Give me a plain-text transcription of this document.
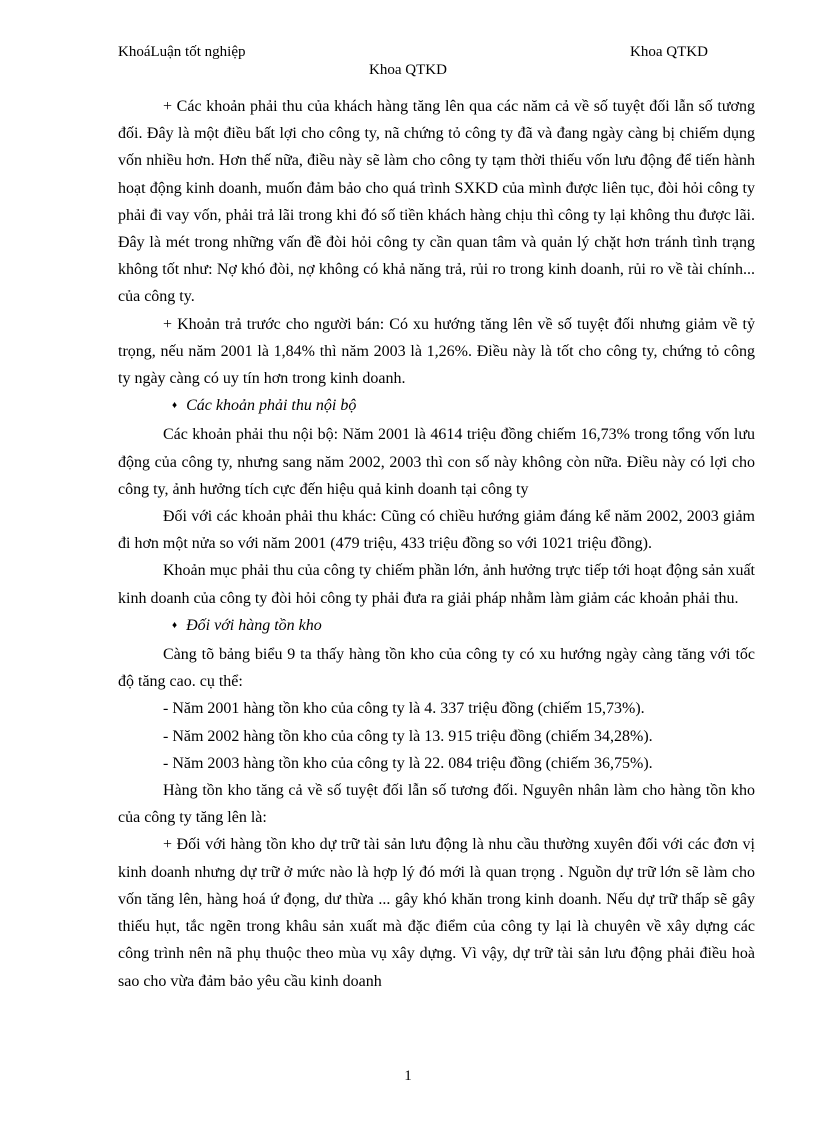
KhoáLuận tốt nghiệp	Khoa QTKD
Khoa QTKD

+ Các khoản phải thu của khách hàng tăng lên qua các năm cả về số tuyệt đối lẫn số tương đối. Đây là một điều bất lợi cho công ty, nã chứng tỏ công ty đã và đang ngày càng bị chiếm dụng vốn nhiều hơn. Hơn thế nữa, điều này sẽ làm cho công ty tạm thời thiếu vốn lưu động để tiến hành hoạt động kinh doanh, muốn đảm bảo cho quá trình SXKD của mình được liên tục, đòi hỏi công ty phải đi vay vốn, phải trả lãi trong khi đó số tiền khách hàng chịu thì công ty lại không thu được lãi. Đây là mét trong những vấn đề đòi hỏi công ty cần quan tâm và quản lý chặt hơn tránh tình trạng không tốt như: Nợ khó đòi, nợ không có khả năng trả, rủi ro trong kinh doanh, rủi ro về tài chính... của công ty.

+ Khoản trả trước cho người bán: Có xu hướng tăng lên về số tuyệt đối nhưng giảm về tỷ trọng, nếu năm 2001 là 1,84% thì năm 2003 là 1,26%. Điều này là tốt cho công ty, chứng tỏ công ty ngày càng có uy tín hơn trong kinh doanh.

♦ Các khoản phải thu nội bộ

Các khoản phải thu nội bộ: Năm 2001 là 4614 triệu đồng chiếm 16,73% trong tổng vốn lưu động của công ty, nhưng sang năm 2002, 2003 thì con số này không còn nữa. Điều này có lợi cho công ty, ảnh hưởng tích cực đến hiệu quả kinh doanh tại công ty

Đối với các khoản phải thu khác: Cũng có chiều hướng giảm đáng kể năm 2002, 2003 giảm đi hơn một nửa so với năm 2001 (479 triệu, 433 triệu đồng so với 1021 triệu đồng).

Khoản mục phải thu của công ty chiếm phần lớn, ảnh hưởng trực tiếp tới hoạt động sản xuất kinh doanh của công ty đòi hỏi công ty phải đưa ra giải pháp nhằm làm giảm các khoản phải thu.

♦ Đối với hàng tồn kho

Càng tõ bảng biểu 9 ta thấy hàng tồn kho của công ty có xu hướng ngày càng tăng với tốc độ tăng cao. cụ thể:

- Năm 2001 hàng tồn kho của công ty là 4. 337 triệu đồng (chiếm 15,73%).

- Năm 2002 hàng tồn kho của công ty là 13. 915 triệu đồng (chiếm 34,28%).

- Năm 2003 hàng tồn kho của công ty là 22. 084 triệu đồng (chiếm 36,75%).

Hàng tồn kho tăng cả về số tuyệt đối lẫn số tương đối. Nguyên nhân làm cho hàng tồn kho của công ty tăng lên là:

+ Đối với hàng tồn kho dự trữ tài sản lưu động là nhu cầu thường xuyên đối với các đơn vị kinh doanh nhưng dự trữ ở mức nào là hợp lý đó mới là quan trọng . Nguồn dự trữ lớn sẽ làm cho vốn tăng lên, hàng hoá ứ đọng, dư thừa ... gây khó khăn trong kinh doanh. Nếu dự trữ thấp sẽ gây thiếu hụt, tắc ngẽn trong khâu sản xuất mà đặc điểm của công ty lại là chuyên về xây dựng các công trình nên nã phụ thuộc theo mùa vụ xây dựng. Vì vậy, dự trữ tài sản lưu động phải điều hoà sao cho vừa đảm bảo yêu cầu kinh doanh

1
